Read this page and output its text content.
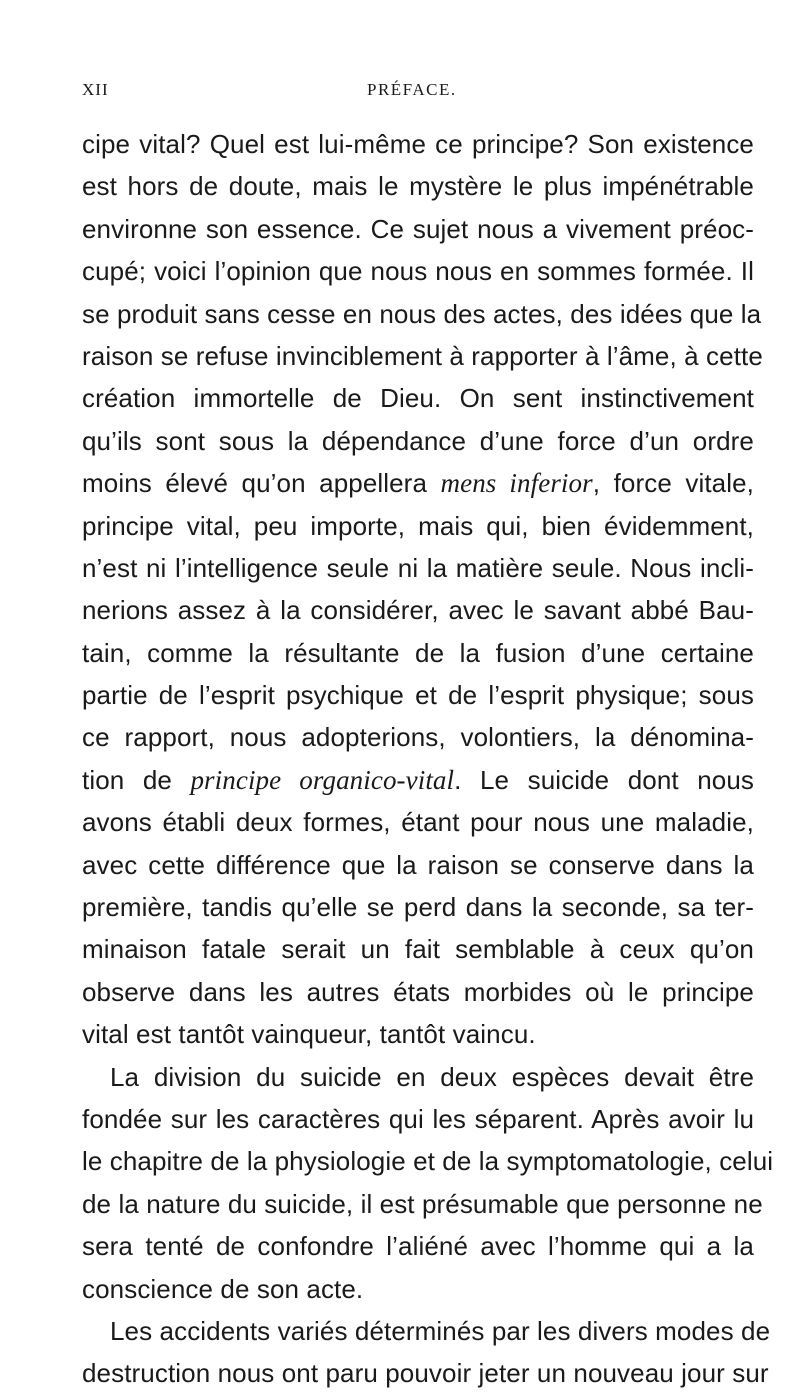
XII	PRÉFACE.
cipe vital? Quel est lui-même ce principe? Son existence
est hors de doute, mais le mystère le plus impénétrable
environne son essence. Ce sujet nous a vivement préoc-
cupé; voici l’opinion que nous nous en sommes formée. Il
se produit sans cesse en nous des actes, des idées que la
raison se refuse invinciblement à rapporter à l’âme, à cette
création immortelle de Dieu. On sent instinctivement
qu’ils sont sous la dépendance d’une force d’un ordre
moins élevé qu’on appellera mens inferior, force vitale,
principe vital, peu importe, mais qui, bien évidemment,
n’est ni l’intelligence seule ni la matière seule. Nous incli-
nerions assez à la considérer, avec le savant abbé Bau-
tain, comme la résultante de la fusion d’une certaine
partie de l’esprit psychique et de l’esprit physique; sous
ce rapport, nous adopterions, volontiers, la dénomina-
tion de principe organico-vital. Le suicide dont nous
avons établi deux formes, étant pour nous une maladie,
avec cette différence que la raison se conserve dans la
première, tandis qu’elle se perd dans la seconde, sa ter-
minaison fatale serait un fait semblable à ceux qu’on
observe dans les autres états morbides où le principe
vital est tantôt vainqueur, tantôt vaincu.
La division du suicide en deux espèces devait être
fondée sur les caractères qui les séparent. Après avoir lu
le chapitre de la physiologie et de la symptomatologie, celui
de la nature du suicide, il est présumable que personne ne
sera tenté de confondre l’aliéné avec l’homme qui a la
conscience de son acte.
Les accidents variés déterminés par les divers modes de
destruction nous ont paru pouvoir jeter un nouveau jour sur
